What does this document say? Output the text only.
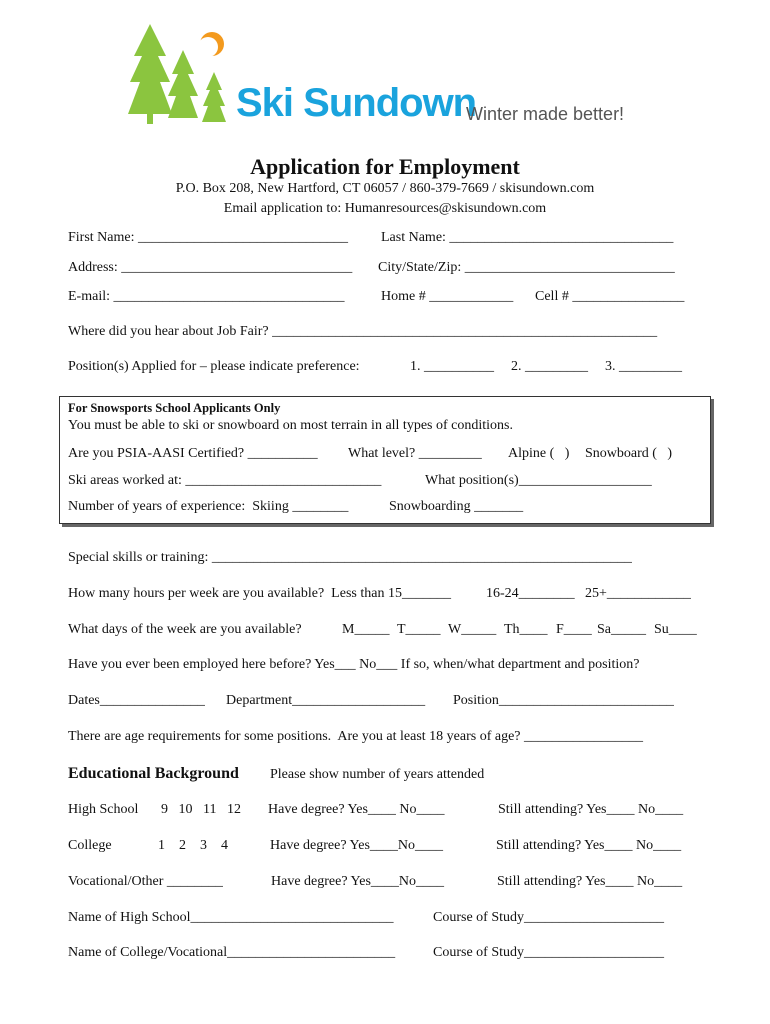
Ski Sundown
Winter made better!
Application for Employment
P.O. Box 208, New Hartford, CT 06057 / 860-379-7669 / skisundown.com
Email application to: Humanresources@skisundown.com
First Name: ______________________________ Last Name: ________________________________
Address: _________________________________ City/State/Zip: ______________________________
E-mail: _________________________________	Home # ____________ Cell # ________________
Where did you hear about Job Fair? _______________________________________________________
Position(s) Applied for – please indicate preference:	1. __________ 2. _________ 3. _________
For Snowsports School Applicants Only
You must be able to ski or snowboard on most terrain in all types of conditions.
Are you PSIA-AASI Certified? __________ What level? _________ Alpine (   ) Snowboard (   )
Ski areas worked at: ____________________________	What position(s)___________________
Number of years of experience:  Skiing ________	Snowboarding _______
Special skills or training: ____________________________________________________________
How many hours per week are you available?  Less than 15_______	16-24________ 25+____________
What days of the week are you available?	M_____ T_____ W_____ Th____ F____ Sa_____ Su____
Have you ever been employed here before? Yes___ No___ If so, when/what department and position?
Dates_______________ Department___________________ Position_________________________
There are age requirements for some positions.  Are you at least 18 years of age? _________________
Educational Background Please show number of years attended
High School 9   10   11   12 Have degree? Yes____ No____	Still attending? Yes____ No____
College	1    2    3    4	Have degree? Yes____No____	Still attending? Yes____ No____
Vocational/Other ________	Have degree? Yes____No____	Still attending? Yes____ No____
Name of High School_____________________________	Course of Study____________________
Name of College/Vocational________________________	Course of Study____________________
